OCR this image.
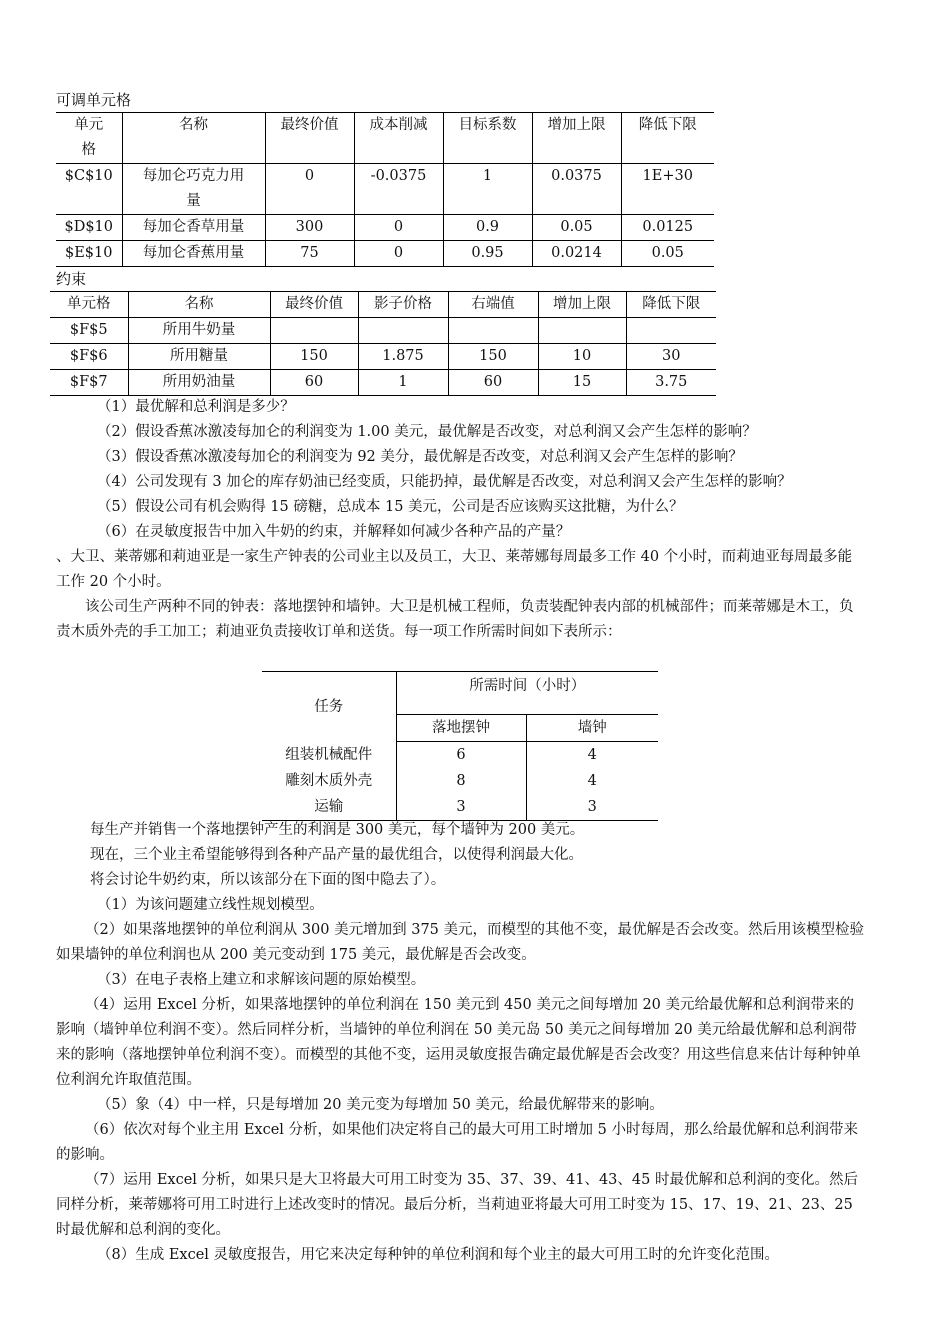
可调单元格
单元格	名称	最终价值	成本削减	目标系数	增加上限	降低下限
$C$10	每加仑巧克力用量	0	-0.0375	1	0.0375	1E+30
$D$10	每加仑香草用量	300	0	0.9	0.05	0.0125
$E$10	每加仑香蕉用量	75	0	0.95	0.0214	0.05
约束
单元格	名称	最终价值	影子价格	右端值	增加上限	降低下限
$F$5	所用牛奶量					
$F$6	所用糖量	150	1.875	150	10	30
$F$7	所用奶油量	60	1	60	15	3.75
（1）最优解和总利润是多少？
（2）假设香蕉冰激凌每加仑的利润变为 1.00 美元，最优解是否改变，对总利润又会产生怎样的影响？
（3）假设香蕉冰激凌每加仑的利润变为 92 美分，最优解是否改变，对总利润又会产生怎样的影响？
（4）公司发现有 3 加仑的库存奶油已经变质，只能扔掉，最优解是否改变，对总利润又会产生怎样的影响？
（5）假设公司有机会购得 15 磅糖，总成本 15 美元，公司是否应该购买这批糖，为什么？
（6）在灵敏度报告中加入牛奶的约束，并解释如何减少各种产品的产量？
、大卫、莱蒂娜和莉迪亚是一家生产钟表的公司业主以及员工，大卫、莱蒂娜每周最多工作 40 个小时，而莉迪亚每周最多能工作 20 个小时。
该公司生产两种不同的钟表：落地摆钟和墙钟。大卫是机械工程师，负责装配钟表内部的机械部件；而莱蒂娜是木工，负责木质外壳的手工加工；莉迪亚负责接收订单和送货。每一项工作所需时间如下表所示：
任务	所需时间（小时）	
	落地摆钟	墙钟
组装机械配件	6	4
雕刻木质外壳	8	4
运输	3	3
每生产并销售一个落地摆钟产生的利润是 300 美元，每个墙钟为 200 美元。
现在，三个业主希望能够得到各种产品产量的最优组合，以使得利润最大化。
将会讨论牛奶约束，所以该部分在下面的图中隐去了）。
（1）为该问题建立线性规划模型。
（2）如果落地摆钟的单位利润从 300 美元增加到 375 美元，而模型的其他不变，最优解是否会改变。然后用该模型检验如果墙钟的单位利润也从 200 美元变动到 175 美元，最优解是否会改变。
（3）在电子表格上建立和求解该问题的原始模型。
（4）运用 Excel 分析，如果落地摆钟的单位利润在 150 美元到 450 美元之间每增加 20 美元给最优解和总利润带来的影响（墙钟单位利润不变）。然后同样分析，当墙钟的单位利润在 50 美元岛 50 美元之间每增加 20 美元给最优解和总利润带来的影响（落地摆钟单位利润不变）。而模型的其他不变，运用灵敏度报告确定最优解是否会改变？用这些信息来估计每种钟单位利润允许取值范围。
（5）象（4）中一样，只是每增加 20 美元变为每增加 50 美元，给最优解带来的影响。
（6）依次对每个业主用 Excel 分析，如果他们决定将自己的最大可用工时增加 5 小时每周，那么给最优解和总利润带来的影响。
（7）运用 Excel 分析，如果只是大卫将最大可用工时变为 35、37、39、41、43、45 时最优解和总利润的变化。然后同样分析，莱蒂娜将可用工时进行上述改变时的情况。最后分析，当莉迪亚将最大可用工时变为 15、17、19、21、23、25 时最优解和总利润的变化。
（8）生成 Excel 灵敏度报告，用它来决定每种钟的单位利润和每个业主的最大可用工时的允许变化范围。
